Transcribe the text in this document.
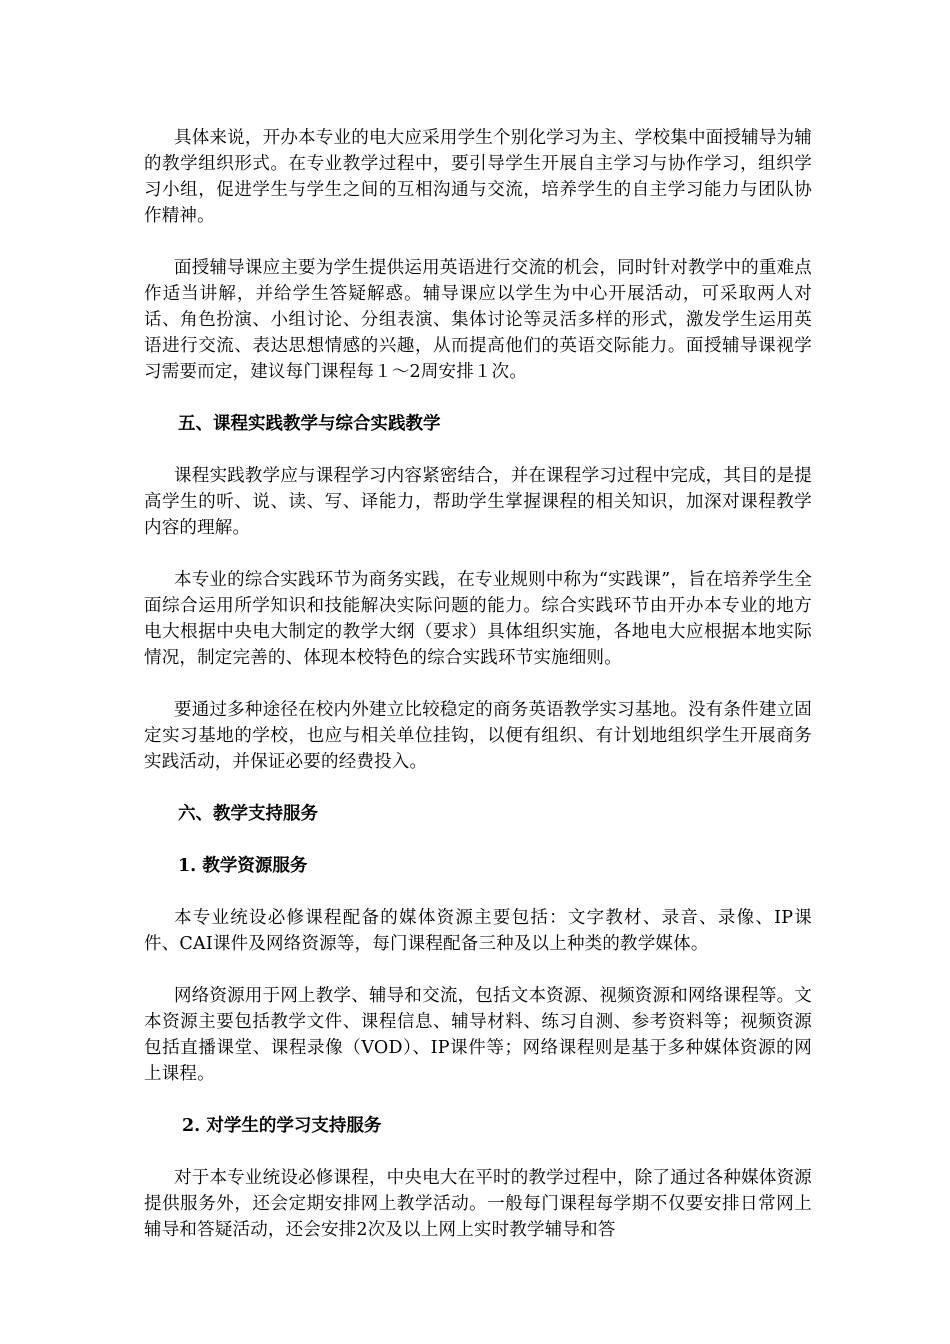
具体来说，开办本专业的电大应采用学生个别化学习为主、学校集中面授辅导为辅的教学组织形式。在专业教学过程中，要引导学生开展自主学习与协作学习，组织学习小组，促进学生与学生之间的互相沟通与交流，培养学生的自主学习能力与团队协作精神。

面授辅导课应主要为学生提供运用英语进行交流的机会，同时针对教学中的重难点作适当讲解，并给学生答疑解惑。辅导课应以学生为中心开展活动，可采取两人对话、角色扮演、小组讨论、分组表演、集体讨论等灵活多样的形式，激发学生运用英语进行交流、表达思想情感的兴趣，从而提高他们的英语交际能力。面授辅导课视学习需要而定，建议每门课程每１～2周安排１次。

五、课程实践教学与综合实践教学

课程实践教学应与课程学习内容紧密结合，并在课程学习过程中完成，其目的是提高学生的听、说、读、写、译能力，帮助学生掌握课程的相关知识，加深对课程教学内容的理解。

本专业的综合实践环节为商务实践，在专业规则中称为“实践课”，旨在培养学生全面综合运用所学知识和技能解决实际问题的能力。综合实践环节由开办本专业的地方电大根据中央电大制定的教学大纲（要求）具体组织实施，各地电大应根据本地实际情况，制定完善的、体现本校特色的综合实践环节实施细则。

要通过多种途径在校内外建立比较稳定的商务英语教学实习基地。没有条件建立固定实习基地的学校，也应与相关单位挂钩，以便有组织、有计划地组织学生开展商务实践活动，并保证必要的经费投入。

六、教学支持服务

1. 教学资源服务

本专业统设必修课程配备的媒体资源主要包括：文字教材、录音、录像、IP课件、CAI课件及网络资源等，每门课程配备三种及以上种类的教学媒体。

网络资源用于网上教学、辅导和交流，包括文本资源、视频资源和网络课程等。文本资源主要包括教学文件、课程信息、辅导材料、练习自测、参考资料等；视频资源包括直播课堂、课程录像（VOD）、IP课件等；网络课程则是基于多种媒体资源的网上课程。

2. 对学生的学习支持服务

对于本专业统设必修课程，中央电大在平时的教学过程中，除了通过各种媒体资源提供服务外，还会定期安排网上教学活动。一般每门课程每学期不仅要安排日常网上辅导和答疑活动，还会安排2次及以上网上实时教学辅导和答
